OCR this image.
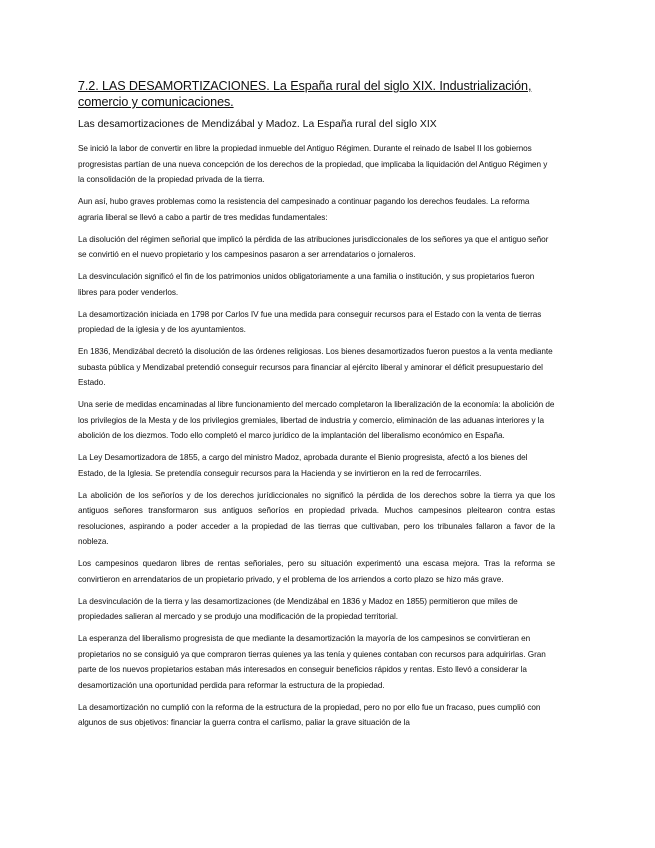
7.2. LAS DESAMORTIZACIONES. La España rural del siglo XIX. Industrialización, comercio y comunicaciones.

Las desamortizaciones de Mendizábal y Madoz. La España rural del siglo XIX

Se inició la labor de convertir en libre la propiedad inmueble del Antiguo Régimen. Durante el reinado de Isabel II los gobiernos progresistas partían de una nueva concepción de los derechos de la propiedad, que implicaba la liquidación del Antiguo Régimen y la consolidación de la propiedad privada de la tierra.

Aun así, hubo graves problemas como la resistencia del campesinado a continuar pagando los derechos feudales. La reforma agraria liberal se llevó a cabo a partir de tres medidas fundamentales:

La disolución del régimen señorial que implicó la pérdida de las atribuciones jurisdiccionales de los señores ya que el antiguo señor se convirtió en el nuevo propietario y los campesinos pasaron a ser arrendatarios o jornaleros.

La desvinculación significó el fin de los patrimonios unidos obligatoriamente a una familia o institución, y sus propietarios fueron libres para poder venderlos.

La desamortización iniciada en 1798 por Carlos IV fue una medida para conseguir recursos para el Estado con la venta de tierras propiedad de la iglesia y de los ayuntamientos.

En 1836, Mendizábal decretó la disolución de las órdenes religiosas. Los bienes desamortizados fueron puestos a la venta mediante subasta pública y Mendizabal pretendió conseguir recursos para financiar al ejército liberal y aminorar el déficit presupuestario del Estado.

Una serie de medidas encaminadas al libre funcionamiento del mercado completaron la liberalización de la economía: la abolición de los privilegios de la Mesta y de los privilegios gremiales, libertad de industria y comercio, eliminación de las aduanas interiores y la abolición de los diezmos. Todo ello completó el marco jurídico de la implantación del liberalismo económico en España.

La Ley Desamortizadora de 1855, a cargo del ministro Madoz, aprobada durante el Bienio progresista, afectó a los bienes del Estado, de la Iglesia. Se pretendía conseguir recursos para la Hacienda y se invirtieron en la red de ferrocarriles.

La abolición de los señoríos y de los derechos jurídiccionales no significó la pérdida de los derechos sobre la tierra ya que los antiguos señores transformaron sus antiguos señoríos en propiedad privada. Muchos campesinos pleitearon contra estas resoluciones, aspirando a poder acceder a la propiedad de las tierras que cultivaban, pero los tribunales fallaron a favor de la nobleza.

Los campesinos quedaron libres de rentas señoriales, pero su situación experimentó una escasa mejora. Tras la reforma se convirtieron en arrendatarios de un propietario privado, y el problema de los arriendos a corto plazo se hizo más grave.

La desvinculación de la tierra y las desamortizaciones (de Mendizábal en 1836 y Madoz en 1855) permitieron que miles de propiedades salieran al mercado y se produjo una modificación de la propiedad territorial.

La esperanza del liberalismo progresista de que mediante la desamortización la mayoría de los campesinos se convirtieran en propietarios no se consiguió ya que compraron tierras quienes ya las tenía y quienes contaban con recursos para adquirirlas. Gran parte de los nuevos propietarios estaban más interesados en conseguir beneficios rápidos y rentas. Esto llevó a considerar la desamortización una oportunidad perdida para reformar la estructura de la propiedad.

La desamortización no cumplió con la reforma de la estructura de la propiedad, pero no por ello fue un fracaso, pues cumplió con algunos de sus objetivos: financiar la guerra contra el carlismo, paliar la grave situación de la
